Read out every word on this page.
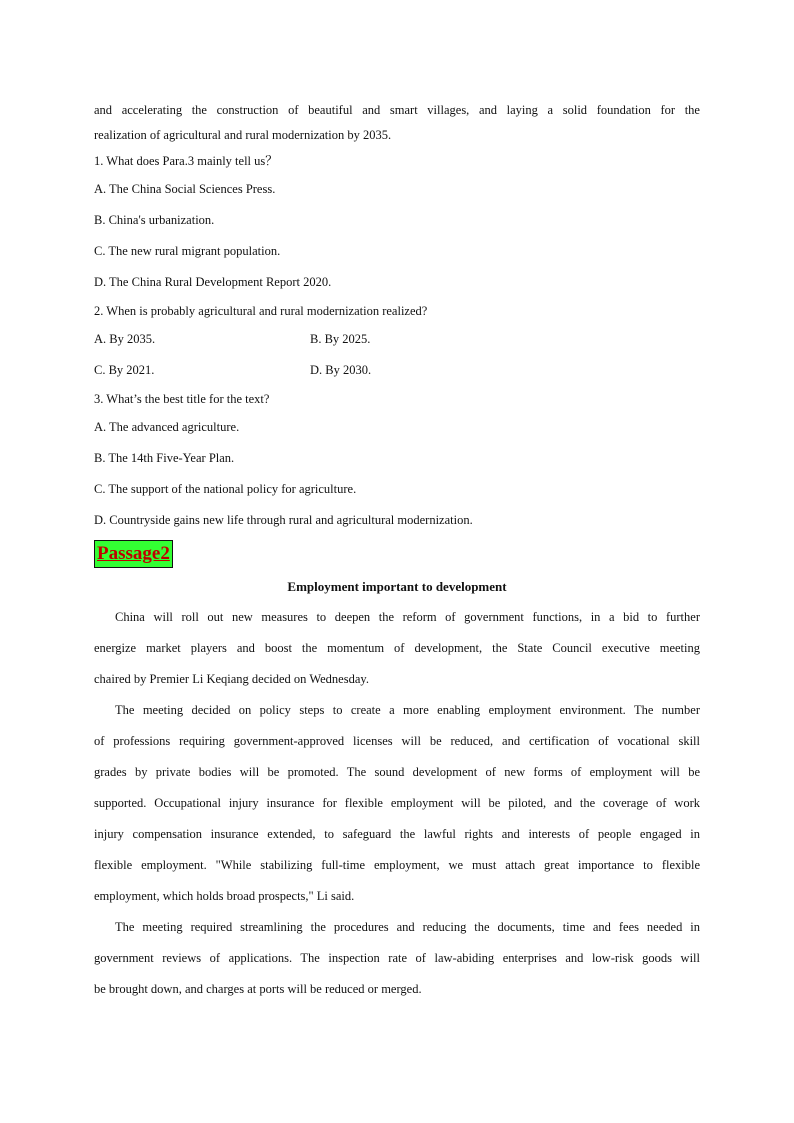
and accelerating the construction of beautiful and smart villages, and laying a solid foundation for the
realization of agricultural and rural modernization by 2035.
1. What does Para.3 mainly tell us？
A. The China Social Sciences Press.
B. China's urbanization.
C. The new rural migrant population.
D. The China Rural Development Report 2020.
2. When is probably agricultural and rural modernization realized?
A. By 2035.	B. By 2025.
C. By 2021.	D. By 2030.
3. What’s the best title for the text?
A. The advanced agriculture.
B. The 14th Five-Year Plan.
C. The support of the national policy for agriculture.
D. Countryside gains new life through rural and agricultural modernization.
Passage2
Employment important to development
China will roll out new measures to deepen the reform of government functions, in a bid to further
energize market players and boost the momentum of development, the State Council executive meeting
chaired by Premier Li Keqiang decided on Wednesday.
The meeting decided on policy steps to create a more enabling employment environment. The number
of professions requiring government-approved licenses will be reduced, and certification of vocational skill
grades by private bodies will be promoted. The sound development of new forms of employment will be
supported. Occupational injury insurance for flexible employment will be piloted, and the coverage of work
injury compensation insurance extended, to safeguard the lawful rights and interests of people engaged in
flexible employment. "While stabilizing full-time employment, we must attach great importance to flexible
employment, which holds broad prospects," Li said.
The meeting required streamlining the procedures and reducing the documents, time and fees needed in
government reviews of applications. The inspection rate of law-abiding enterprises and low-risk goods will
be brought down, and charges at ports will be reduced or merged.
